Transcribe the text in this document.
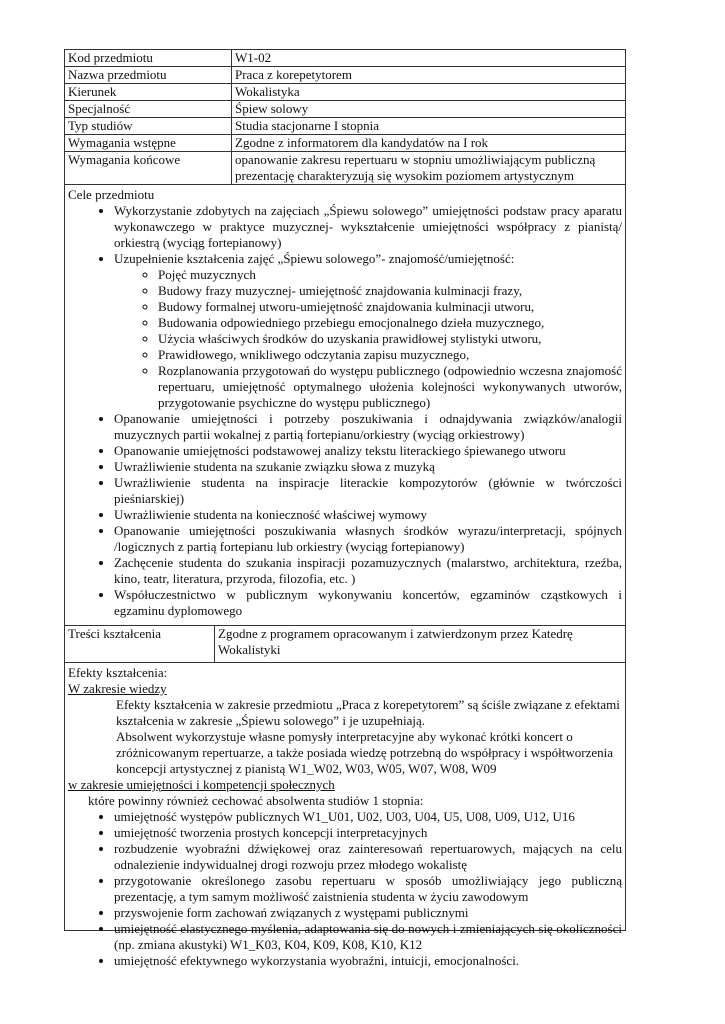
Kod przedmiotu	W1-02
Nazwa przedmiotu	Praca z korepetytorem
Kierunek	Wokalistyka
Specjalność	Śpiew solowy
Typ studiów	Studia stacjonarne I stopnia
Wymagania wstępne	Zgodne z informatorem dla kandydatów na I rok
Wymagania końcowe	opanowanie zakresu repertuaru w stopniu umożliwiającym publiczną prezentację charakteryzują się wysokim poziomem artystycznym

Cele przedmiotu

• Wykorzystanie zdobytych na zajęciach „Śpiewu solowego” umiejętności podstaw pracy aparatu wykonawczego w praktyce muzycznej- wykształcenie umiejętności współpracy z pianistą/ orkiestrą (wyciąg fortepianowy)
• Uzupełnienie kształcenia zajęć „Śpiewu solowego”- znajomość/umiejętność:
◦ Pojęć muzycznych
◦ Budowy frazy muzycznej- umiejętność znajdowania kulminacji frazy,
◦ Budowy formalnej utworu-umiejętność znajdowania kulminacji utworu,
◦ Budowania odpowiedniego przebiegu emocjonalnego dzieła muzycznego,
◦ Użycia właściwych środków do uzyskania prawidłowej stylistyki utworu,
◦ Prawidłowego, wnikliwego odczytania zapisu muzycznego,
◦ Rozplanowania przygotowań do występu publicznego (odpowiednio wczesna znajomość repertuaru, umiejętność optymalnego ułożenia kolejności wykonywanych utworów, przygotowanie psychiczne do występu publicznego)
• Opanowanie umiejętności i potrzeby poszukiwania i odnajdywania związków/analogii muzycznych partii wokalnej z partią fortepianu/orkiestry (wyciąg orkiestrowy)
• Opanowanie umiejętności podstawowej analizy tekstu literackiego śpiewanego utworu
• Uwrażliwienie studenta na szukanie związku słowa z muzyką
• Uwrażliwienie studenta na inspiracje literackie kompozytorów (głównie w twórczości pieśniarskiej)
• Uwrażliwienie studenta na konieczność właściwej wymowy
• Opanowanie umiejętności poszukiwania własnych środków wyrazu/interpretacji, spójnych /logicznych z partią fortepianu lub orkiestry (wyciąg fortepianowy)
• Zachęcenie studenta do szukania inspiracji pozamuzycznych (malarstwo, architektura, rzeźba, kino, teatr, literatura, przyroda, filozofia, etc. )
• Współuczestnictwo w publicznym wykonywaniu koncertów, egzaminów cząstkowych i egzaminu dyplomowego
Treści kształcenia	Zgodne z programem opracowanym i zatwierdzonym przez Katedrę Wokalistyki
Efekty kształcenia:
W zakresie wiedzy
Efekty kształcenia w zakresie przedmiotu „Praca z korepetytorem” są ściśle związane z efektami kształcenia w zakresie „Śpiewu solowego” i je uzupełniają.
Absolwent wykorzystuje własne pomysły interpretacyjne aby wykonać krótki koncert o zróżnicowanym repertuarze, a także posiada wiedzę potrzebną do współpracy i współtworzenia koncepcji artystycznej z pianistą W1_W02, W03, W05, W07, W08, W09
w zakresie umiejętności i kompetencji społecznych
które powinny również cechować absolwenta studiów 1 stopnia:
• umiejętność występów publicznych W1_U01, U02, U03, U04, U5, U08, U09, U12, U16
• umiejętność tworzenia prostych koncepcji interpretacyjnych
• rozbudzenie wyobraźni dźwiękowej oraz zainteresowań repertuarowych, mających na celu odnalezienie indywidualnej drogi rozwoju przez młodego wokalistę
• przygotowanie określonego zasobu repertuaru w sposób umożliwiający jego publiczną prezentację, a tym samym możliwość zaistnienia studenta w życiu zawodowym
• przyswojenie form zachowań związanych z występami publicznymi
• umiejętność elastycznego myślenia, adaptowania się do nowych i zmieniających się okoliczności (np. zmiana akustyki) W1_K03, K04, K09, K08, K10, K12
• umiejętność efektywnego wykorzystania wyobraźni, intuicji, emocjonalności.
